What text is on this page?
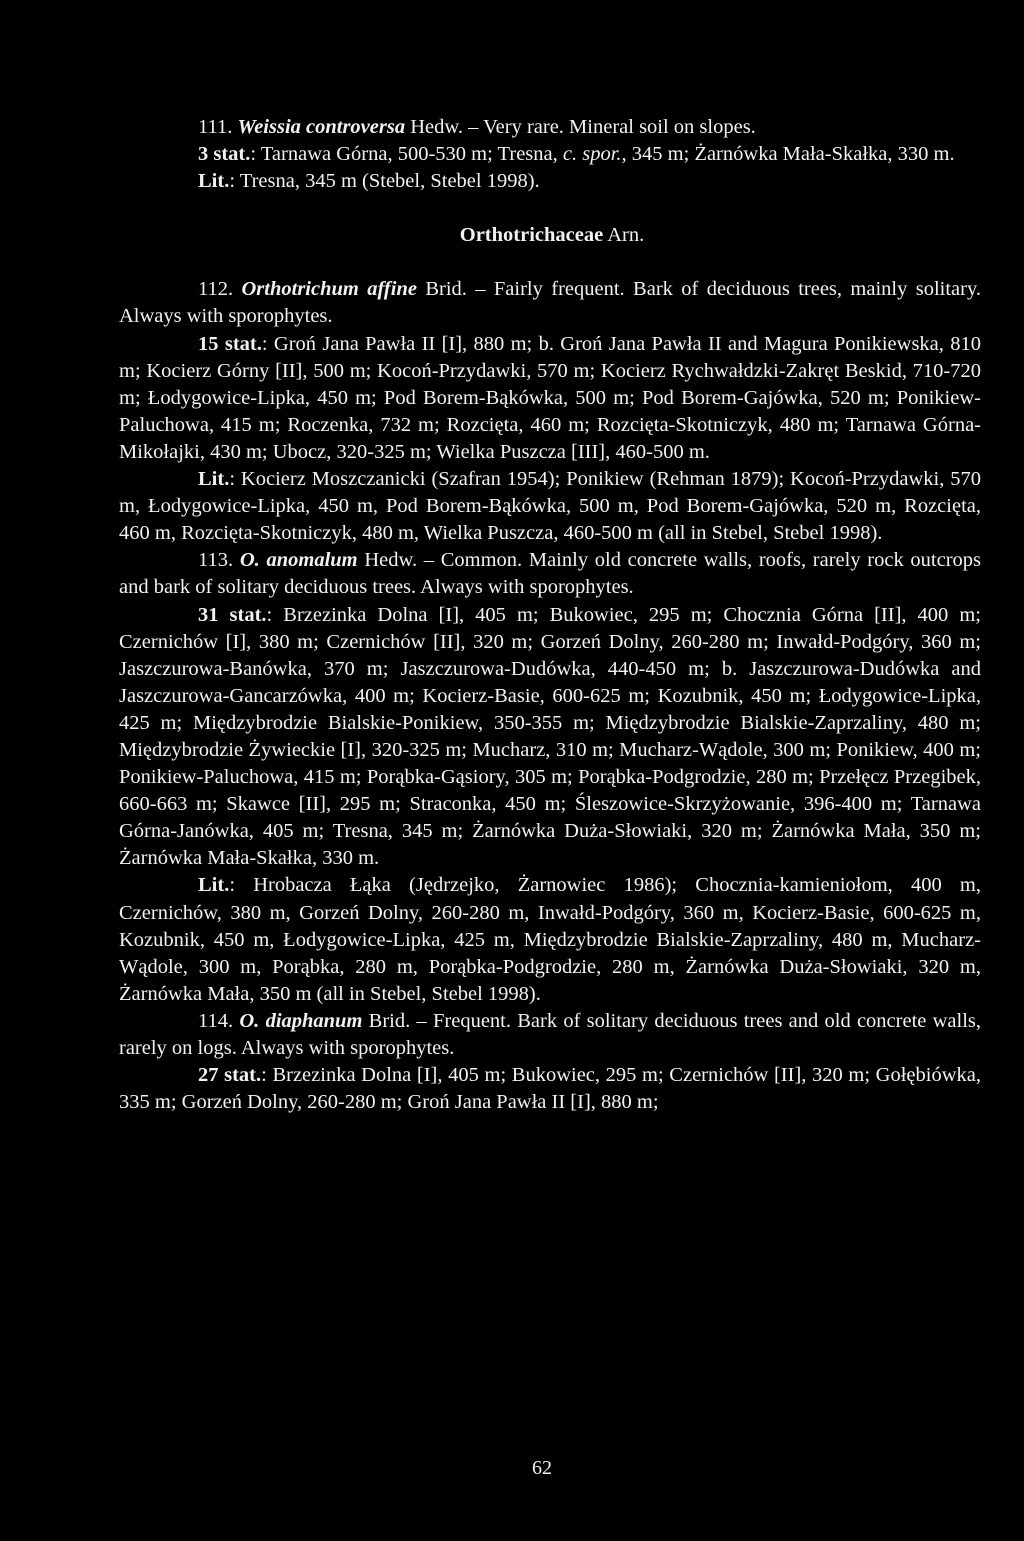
111. Weissia controversa Hedw. – Very rare. Mineral soil on slopes.

3 stat.: Tarnawa Górna, 500-530 m; Tresna, c. spor., 345 m; Żarnówka Mała-Skałka, 330 m.

Lit.: Tresna, 345 m (Stebel, Stebel 1998).

Orthotrichaceae Arn.

112. Orthotrichum affine Brid. – Fairly frequent. Bark of deciduous trees, mainly solitary. Always with sporophytes.

15 stat.: Groń Jana Pawła II [I], 880 m; b. Groń Jana Pawła II and Magura Ponikiewska, 810 m; Kocierz Górny [II], 500 m; Kocoń-Przydawki, 570 m; Kocierz Rychwałdzki-Zakręt Beskid, 710-720 m; Łodygowice-Lipka, 450 m; Pod Borem-Bąkówka, 500 m; Pod Borem-Gajówka, 520 m; Ponikiew-Paluchowa, 415 m; Roczenka, 732 m; Rozcięta, 460 m; Rozcięta-Skotniczyk, 480 m; Tarnawa Górna-Mikołajki, 430 m; Ubocz, 320-325 m; Wielka Puszcza [III], 460-500 m.

Lit.: Kocierz Moszczanicki (Szafran 1954); Ponikiew (Rehman 1879); Kocoń-Przydawki, 570 m, Łodygowice-Lipka, 450 m, Pod Borem-Bąkówka, 500 m, Pod Borem-Gajówka, 520 m, Rozcięta, 460 m, Rozcięta-Skotniczyk, 480 m, Wielka Puszcza, 460-500 m (all in Stebel, Stebel 1998).

113. O. anomalum Hedw. – Common. Mainly old concrete walls, roofs, rarely rock outcrops and bark of solitary deciduous trees. Always with sporophytes.

31 stat.: Brzezinka Dolna [I], 405 m; Bukowiec, 295 m; Chocznia Górna [II], 400 m; Czernichów [I], 380 m; Czernichów [II], 320 m; Gorzeń Dolny, 260-280 m; Inwałd-Podgóry, 360 m; Jaszczurowa-Banówka, 370 m; Jaszczurowa-Dudówka, 440-450 m; b. Jaszczurowa-Dudówka and Jaszczurowa-Gancarzówka, 400 m; Kocierz-Basie, 600-625 m; Kozubnik, 450 m; Łodygowice-Lipka, 425 m; Międzybrodzie Bialskie-Ponikiew, 350-355 m; Międzybrodzie Bialskie-Zaprzaliny, 480 m; Międzybrodzie Żywieckie [I], 320-325 m; Mucharz, 310 m; Mucharz-Wądole, 300 m; Ponikiew, 400 m; Ponikiew-Paluchowa, 415 m; Porąbka-Gąsiory, 305 m; Porąbka-Podgrodzie, 280 m; Przełęcz Przegibek, 660-663 m; Skawce [II], 295 m; Straconka, 450 m; Śleszowice-Skrzyżowanie, 396-400 m; Tarnawa Górna-Janówka, 405 m; Tresna, 345 m; Żarnówka Duża-Słowiaki, 320 m; Żarnówka Mała, 350 m; Żarnówka Mała-Skałka, 330 m.

Lit.: Hrobacza Łąka (Jędrzejko, Żarnowiec 1986); Chocznia-kamieniołom, 400 m, Czernichów, 380 m, Gorzeń Dolny, 260-280 m, Inwałd-Podgóry, 360 m, Kocierz-Basie, 600-625 m, Kozubnik, 450 m, Łodygowice-Lipka, 425 m, Międzybrodzie Bialskie-Zaprzaliny, 480 m, Mucharz-Wądole, 300 m, Porąbka, 280 m, Porąbka-Podgrodzie, 280 m, Żarnówka Duża-Słowiaki, 320 m, Żarnówka Mała, 350 m (all in Stebel, Stebel 1998).

114. O. diaphanum Brid. – Frequent. Bark of solitary deciduous trees and old concrete walls, rarely on logs. Always with sporophytes.

27 stat.: Brzezinka Dolna [I], 405 m; Bukowiec, 295 m; Czernichów [II], 320 m; Gołębiówka, 335 m; Gorzeń Dolny, 260-280 m; Groń Jana Pawła II [I], 880 m;

62
